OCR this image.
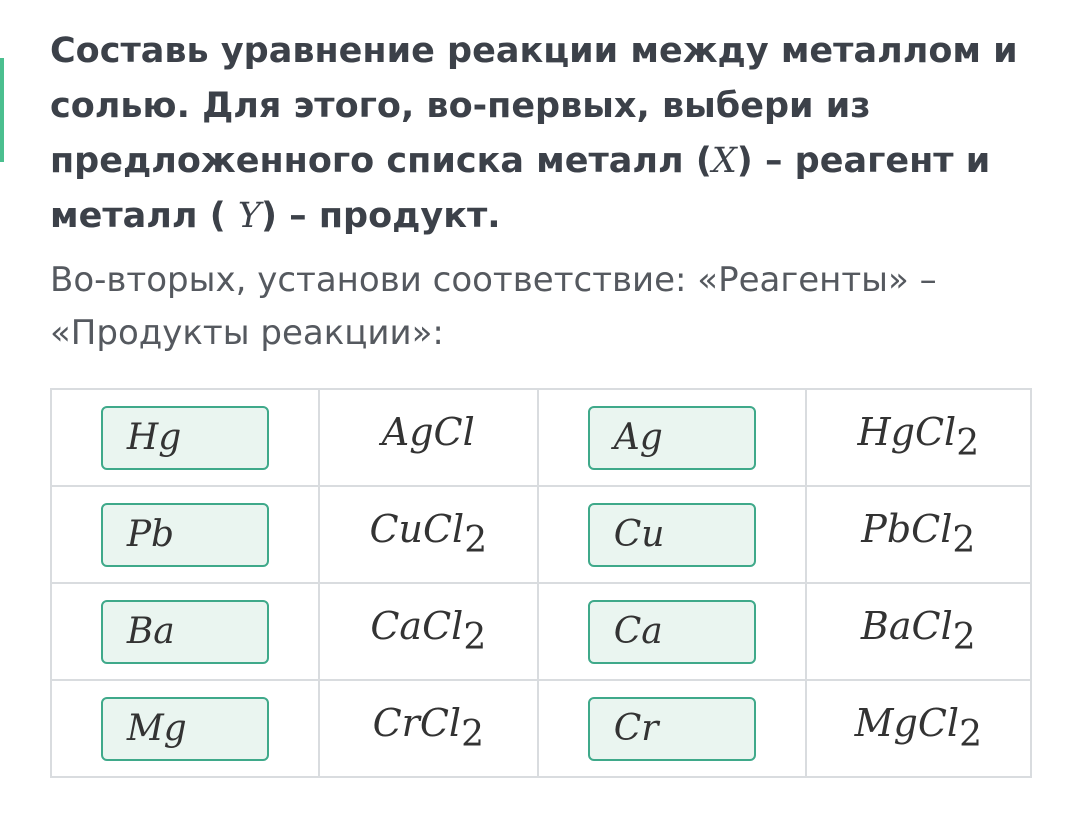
Составь уравнение реакции между металлом и солью. Для этого, во-первых, выбери из предложенного списка металл (X) – реагент и металл ( Y) – продукт.

Во-вторых, установи соответствие: «Реагенты» – «Продукты реакции»:

Hg	AgCl	Ag	HgCl2
Pb	CuCl2	Cu	PbCl2
Ba	CaCl2	Ca	BaCl2
Mg	CrCl2	Cr	MgCl2
